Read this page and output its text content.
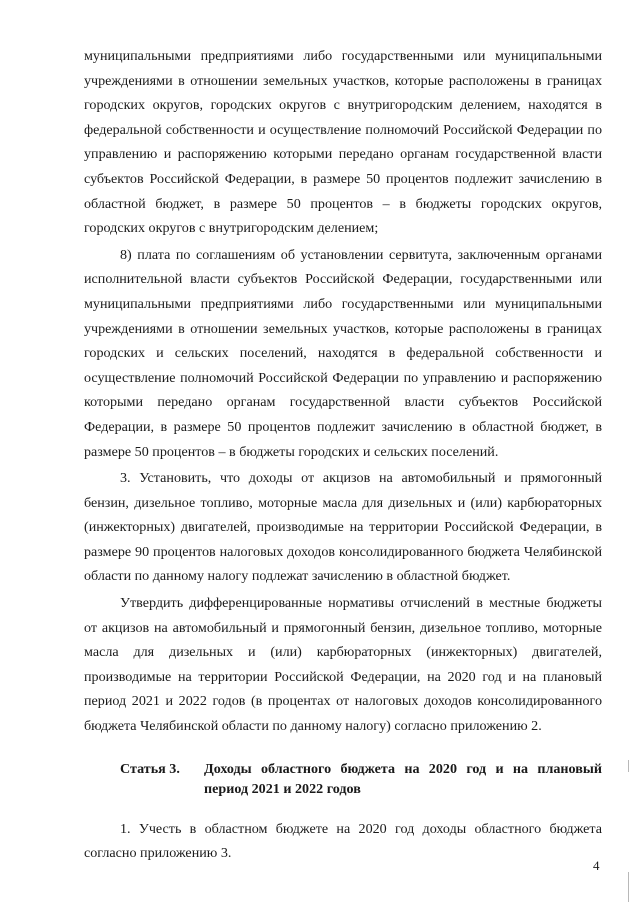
муниципальными предприятиями либо государственными или муниципальными учреждениями в отношении земельных участков, которые расположены в границах городских округов, городских округов с внутригородским делением, находятся в федеральной собственности и осуществление полномочий Российской Федерации по управлению и распоряжению которыми передано органам государственной власти субъектов Российской Федерации, в размере 50 процентов подлежит зачислению в областной бюджет, в размере 50 процентов – в бюджеты городских округов, городских округов с внутригородским делением;

8) плата по соглашениям об установлении сервитута, заключенным органами исполнительной власти субъектов Российской Федерации, государственными или муниципальными предприятиями либо государственными или муниципальными учреждениями в отношении земельных участков, которые расположены в границах городских и сельских поселений, находятся в федеральной собственности и осуществление полномочий Российской Федерации по управлению и распоряжению которыми передано органам государственной власти субъектов Российской Федерации, в размере 50 процентов подлежит зачислению в областной бюджет, в размере 50 процентов – в бюджеты городских и сельских поселений.

3. Установить, что доходы от акцизов на автомобильный и прямогонный бензин, дизельное топливо, моторные масла для дизельных и (или) карбюраторных (инжекторных) двигателей, производимые на территории Российской Федерации, в размере 90 процентов налоговых доходов консолидированного бюджета Челябинской области по данному налогу подлежат зачислению в областной бюджет.

Утвердить дифференцированные нормативы отчислений в местные бюджеты от акцизов на автомобильный и прямогонный бензин, дизельное топливо, моторные масла для дизельных и (или) карбюраторных (инжекторных) двигателей, производимые на территории Российской Федерации, на 2020 год и на плановый период 2021 и 2022 годов (в процентах от налоговых доходов консолидированного бюджета Челябинской области по данному налогу) согласно приложению 2.

Статья 3.	Доходы областного бюджета на 2020 год и на плановый период 2021 и 2022 годов

1. Учесть в областном бюджете на 2020 год доходы областного бюджета согласно приложению 3.

4
